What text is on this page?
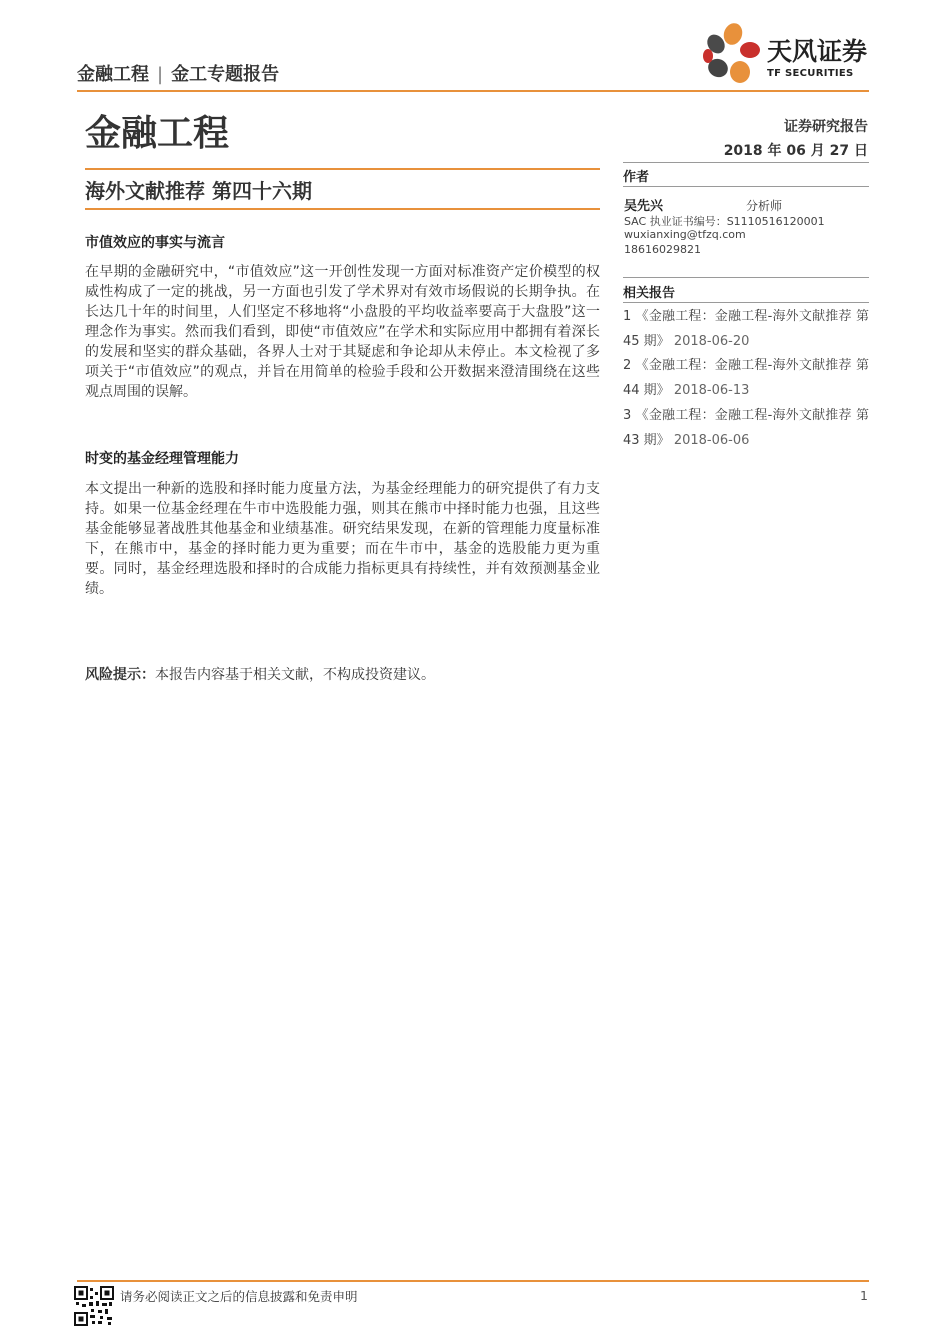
金融工程 | 金工专题报告
天风证券
TF SECURITIES
金融工程
海外文献推荐 第四十六期
市值效应的事实与流言
在早期的金融研究中，“市值效应”这一开创性发现一方面对标准资产定价模型的权威性构成了一定的挑战，另一方面也引发了学术界对有效市场假说的长期争执。在长达几十年的时间里，人们坚定不移地将“小盘股的平均收益率要高于大盘股”这一理念作为事实。然而我们看到，即使“市值效应”在学术和实际应用中都拥有着深长的发展和坚实的群众基础，各界人士对于其疑虑和争论却从未停止。本文检视了多项关于“市值效应”的观点，并旨在用简单的检验手段和公开数据来澄清围绕在这些观点周围的误解。
时变的基金经理管理能力
本文提出一种新的选股和择时能力度量方法，为基金经理能力的研究提供了有力支持。如果一位基金经理在牛市中选股能力强，则其在熊市中择时能力也强，且这些基金能够显著战胜其他基金和业绩基准。研究结果发现，在新的管理能力度量标准下，在熊市中，基金的择时能力更为重要；而在牛市中，基金的选股能力更为重要。同时，基金经理选股和择时的合成能力指标更具有持续性，并有效预测基金业绩。
风险提示：本报告内容基于相关文献，不构成投资建议。
证券研究报告
2018 年 06 月 27 日
作者
吴先兴	分析师
SAC 执业证书编号：S1110516120001
wuxianxing@tfzq.com
18616029821
相关报告
1 《金融工程：金融工程-海外文献推荐 第 45 期》 2018-06-20
2 《金融工程：金融工程-海外文献推荐 第 44 期》 2018-06-13
3 《金融工程：金融工程-海外文献推荐 第 43 期》 2018-06-06
请务必阅读正文之后的信息披露和免责申明	1
